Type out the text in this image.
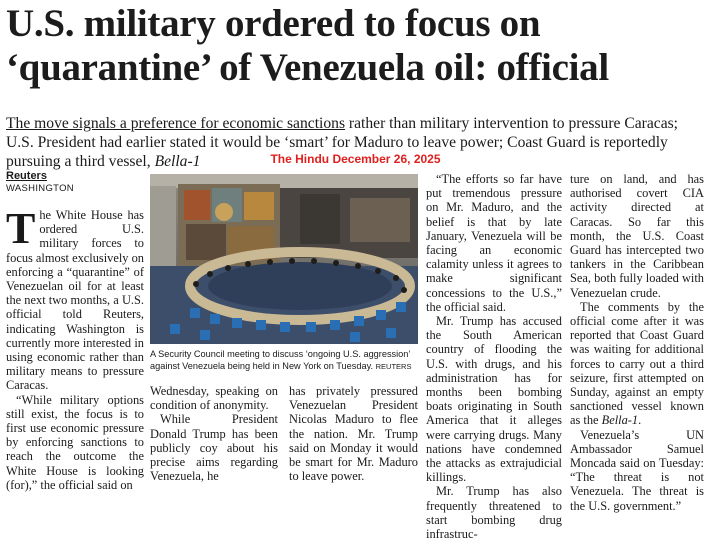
U.S. military ordered to focus on
‘quarantine’ of Venezuela oil: official
The move signals a preference for economic sanctions rather than military intervention to pressure Caracas; U.S. President had earlier stated it would be ‘smart’ for Maduro to leave power; Coast Guard is reportedly pursuing a third vessel, Bella-1	The Hindu December 26, 2025
Reuters
WASHINGTON

The White House has ordered U.S. military forces to focus almost exclusively on enforcing a “quarantine” of Venezuelan oil for at least the next two months, a U.S. official told Reuters, indicating Washington is currently more interested in using economic rather than military means to pressure Caracas.

“While military options still exist, the focus is to first use economic pressure by enforcing sanctions to reach the outcome the White House is looking (for),” the official said on

A Security Council meeting to discuss ‘ongoing U.S. aggression’ against Venezuela being held in New York on Tuesday. REUTERS

Wednesday, speaking on condition of anonymity.

While President Donald Trump has been publicly coy about his precise aims regarding Venezuela, he

has privately pressured Venezuelan President Nicolas Maduro to flee the nation. Mr. Trump said on Monday it would be smart for Mr. Maduro to leave power.

“The efforts so far have put tremendous pressure on Mr. Maduro, and the belief is that by late January, Venezuela will be facing an economic calamity unless it agrees to make significant concessions to the U.S.,” the official said.

Mr. Trump has accused the South American country of flooding the U.S. with drugs, and his administration has for months been bombing boats originating in South America that it alleges were carrying drugs. Many nations have condemned the attacks as extrajudicial killings.

Mr. Trump has also frequently threatened to start bombing drug infrastruc-

ture on land, and has authorised covert CIA activity directed at Caracas. So far this month, the U.S. Coast Guard has intercepted two tankers in the Caribbean Sea, both fully loaded with Venezuelan crude.

The comments by the official come after it was reported that Coast Guard was waiting for additional forces to carry out a third seizure, first attempted on Sunday, against an empty sanctioned vessel known as the Bella-1.

Venezuela’s UN Ambassador Samuel Moncada said on Tuesday: “The threat is not Venezuela. The threat is the U.S. government.”
